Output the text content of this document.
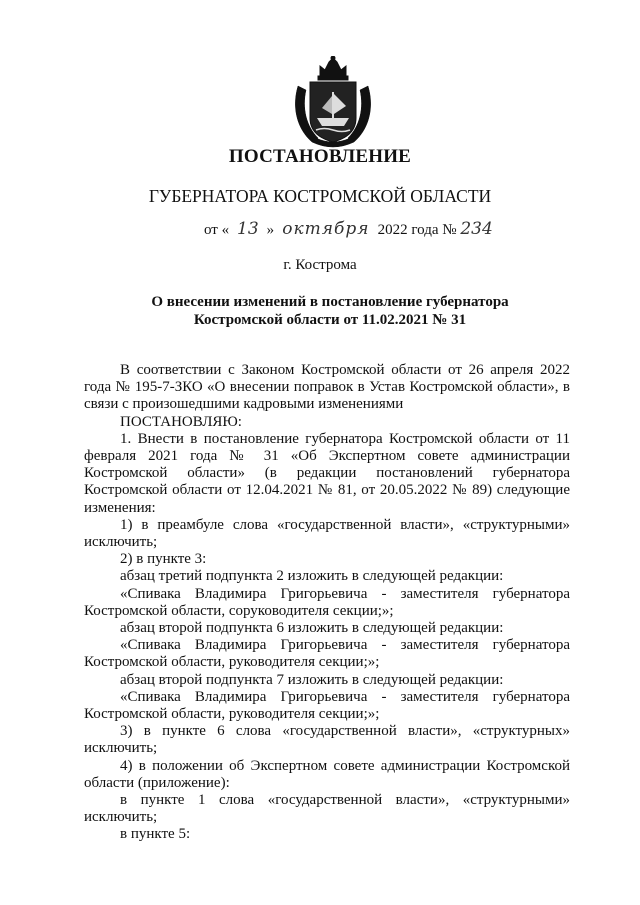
ПОСТАНОВЛЕНИЕ
ГУБЕРНАТОРА КОСТРОМСКОЙ ОБЛАСТИ
от « 13 » октября 2022 года № 234
г. Кострома
О внесении изменений в постановление губернатора
Костромской области от 11.02.2021 № 31

В соответствии с Законом Костромской области от 26 апреля 2022 года № 195-7-ЗКО «О внесении поправок в Устав Костромской области», в связи с произошедшими кадровыми изменениями

ПОСТАНОВЛЯЮ:

1. Внести в постановление губернатора Костромской области от 11 февраля 2021 года № 31 «Об Экспертном совете администрации Костромской области» (в редакции постановлений губернатора Костромской области от 12.04.2021 № 81, от 20.05.2022 № 89) следующие изменения:

1) в преамбуле слова «государственной власти», «структурными» исключить;

2) в пункте 3:

абзац третий подпункта 2 изложить в следующей редакции:

«Спивака Владимира Григорьевича - заместителя губернатора Костромской области, соруководителя секции;»;

абзац второй подпункта 6 изложить в следующей редакции:

«Спивака Владимира Григорьевича - заместителя губернатора Костромской области, руководителя секции;»;

абзац второй подпункта 7 изложить в следующей редакции:

«Спивака Владимира Григорьевича - заместителя губернатора Костромской области, руководителя секции;»;

3) в пункте 6 слова «государственной власти», «структурных» исключить;

4) в положении об Экспертном совете администрации Костромской области (приложение):

в пункте 1 слова «государственной власти», «структурными» исключить;

в пункте 5:
